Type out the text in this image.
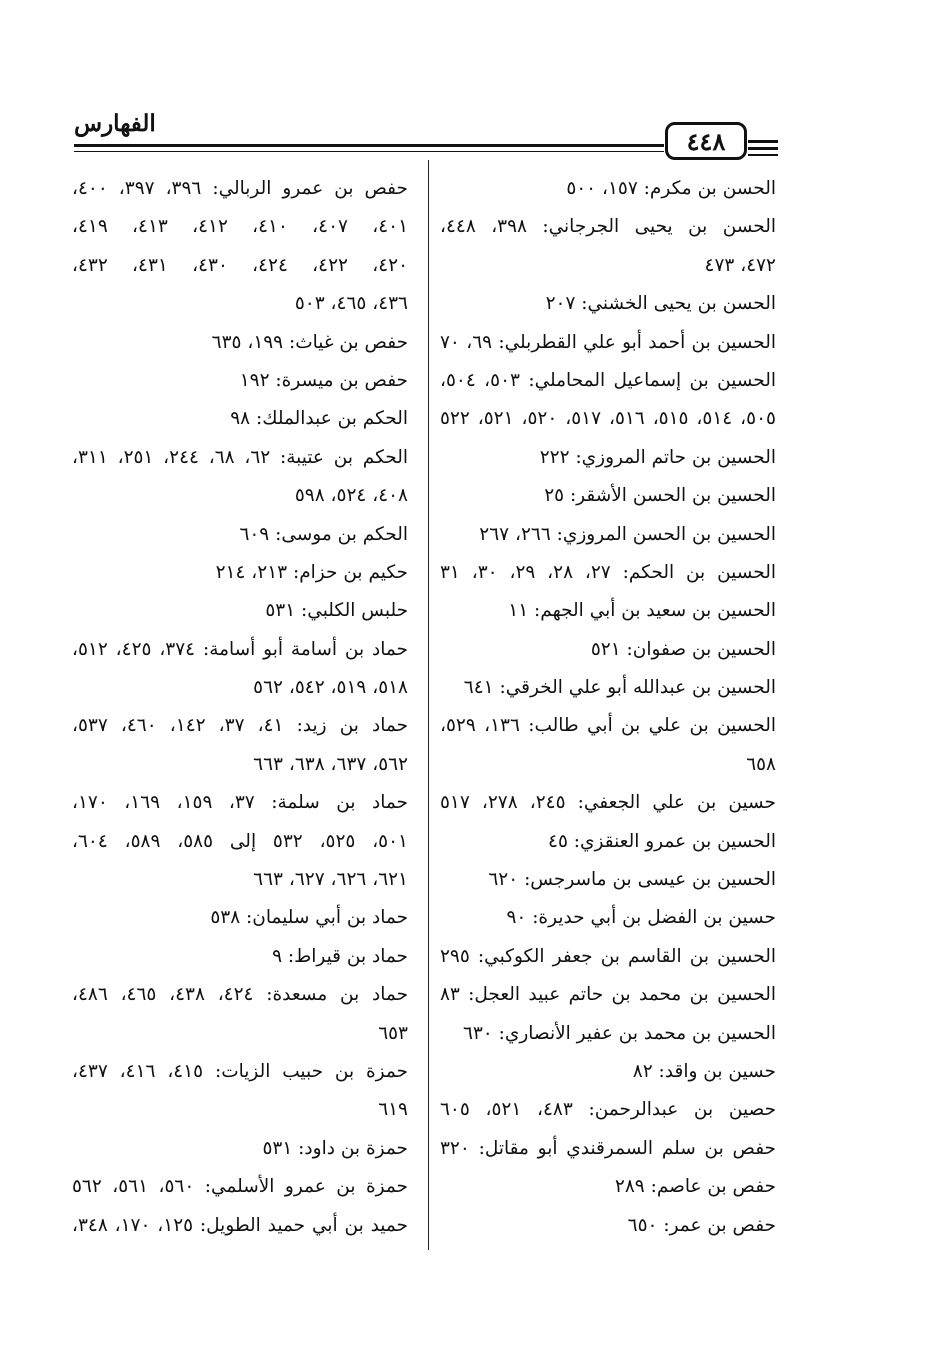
الفهارس
٤٤٨
الحسن بن مكرم: ١٥٧، ٥٠٠
الحسن بن يحيى الجرجاني: ٣٩٨، ٤٤٨،
٤٧٢، ٤٧٣
الحسن بن يحيى الخشني: ٢٠٧
الحسين بن أحمد أبو علي القطربلي: ٦٩، ٧٠
الحسين بن إسماعيل المحاملي: ٥٠٣، ٥٠٤،
٥٠٥، ٥١٤، ٥١٥، ٥١٦، ٥١٧، ٥٢٠، ٥٢١، ٥٢٢
الحسين بن حاتم المروزي: ٢٢٢
الحسين بن الحسن الأشقر: ٢٥
الحسين بن الحسن المروزي: ٢٦٦، ٢٦٧
الحسين بن الحكم: ٢٧، ٢٨، ٢٩، ٣٠، ٣١
الحسين بن سعيد بن أبي الجهم: ١١
الحسين بن صفوان: ٥٢١
الحسين بن عبدالله أبو علي الخرقي: ٦٤١
الحسين بن علي بن أبي طالب: ١٣٦، ٥٢٩،
٦٥٨
حسين بن علي الجعفي: ٢٤٥، ٢٧٨، ٥١٧
الحسين بن عمرو العنقزي: ٤٥
الحسين بن عيسى بن ماسرجس: ٦٢٠
حسين بن الفضل بن أبي حديرة: ٩٠
الحسين بن القاسم بن جعفر الكوكبي: ٢٩٥
الحسين بن محمد بن حاتم عبيد العجل: ٨٣
الحسين بن محمد بن عفير الأنصاري: ٦٣٠
حسين بن واقد: ٨٢
حصين بن عبدالرحمن: ٤٨٣، ٥٢١، ٦٠٥
حفص بن سلم السمرقندي أبو مقاتل: ٣٢٠
حفص بن عاصم: ٢٨٩
حفص بن عمر: ٦٥٠
حفص بن عمرو الربالي: ٣٩٦، ٣٩٧، ٤٠٠،
٤٠١، ٤٠٧، ٤١٠، ٤١٢، ٤١٣، ٤١٩،
٤٢٠، ٤٢٢، ٤٢٤، ٤٣٠، ٤٣١، ٤٣٢،
٤٣٦، ٤٦٥، ٥٠٣
حفص بن غياث: ١٩٩، ٦٣٥
حفص بن ميسرة: ١٩٢
الحكم بن عبدالملك: ٩٨
الحكم بن عتيبة: ٦٢، ٦٨، ٢٤٤، ٢٥١، ٣١١،
٤٠٨، ٥٢٤، ٥٩٨
الحكم بن موسى: ٦٠٩
حكيم بن حزام: ٢١٣، ٢١٤
حلبس الكلبي: ٥٣١
حماد بن أسامة أبو أسامة: ٣٧٤، ٤٢٥، ٥١٢،
٥١٨، ٥١٩، ٥٤٢، ٥٦٢
حماد بن زيد: ٤١، ٣٧، ١٤٢، ٤٦٠، ٥٣٧،
٥٦٢، ٦٣٧، ٦٣٨، ٦٦٣
حماد بن سلمة: ٣٧، ١٥٩، ١٦٩، ١٧٠،
٥٠١، ٥٢٥، ٥٣٢ إلى ٥٨٥، ٥٨٩، ٦٠٤،
٦٢١، ٦٢٦، ٦٢٧، ٦٦٣
حماد بن أبي سليمان: ٥٣٨
حماد بن قيراط: ٩
حماد بن مسعدة: ٤٢٤، ٤٣٨، ٤٦٥، ٤٨٦،
٦٥٣
حمزة بن حبيب الزيات: ٤١٥، ٤١٦، ٤٣٧،
٦١٩
حمزة بن داود: ٥٣١
حمزة بن عمرو الأسلمي: ٥٦٠، ٥٦١، ٥٦٢
حميد بن أبي حميد الطويل: ١٢٥، ١٧٠، ٣٤٨،
